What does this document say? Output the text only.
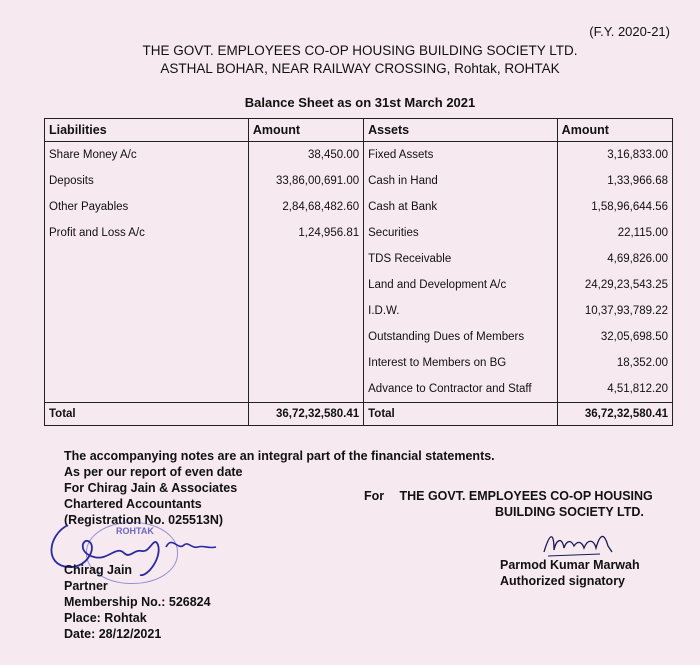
(F.Y. 2020-21)
THE GOVT. EMPLOYEES CO-OP HOUSING BUILDING SOCIETY LTD.
ASTHAL BOHAR, NEAR RAILWAY CROSSING, Rohtak, ROHTAK
Balance Sheet as on 31st March 2021
Liabilities	Amount	Assets	Amount
Share Money A/c	38,450.00	Fixed Assets	3,16,833.00
Deposits	33,86,00,691.00	Cash in Hand	1,33,966.68
Other Payables	2,84,68,482.60	Cash at Bank	1,58,96,644.56
Profit and Loss A/c	1,24,956.81	Securities	22,115.00
		TDS Receivable	4,69,826.00
		Land and Development A/c	24,29,23,543.25
		I.D.W.	10,37,93,789.22
		Outstanding Dues of Members	32,05,698.50
		Interest to Members on BG	18,352.00
		Advance to Contractor and Staff	4,51,812.20
Total	36,72,32,580.41	Total	36,72,32,580.41
The accompanying notes are an integral part of the financial statements.
As per our report of even date
For Chirag Jain & Associates
Chartered Accountants
(Registration No. 025513N)
For THE GOVT. EMPLOYEES CO-OP HOUSING
BUILDING SOCIETY LTD.
Parmod Kumar Marwah
Authorized signatory
ROHTAK
Chirag Jain
Partner
Membership No.: 526824
Place: Rohtak
Date: 28/12/2021
